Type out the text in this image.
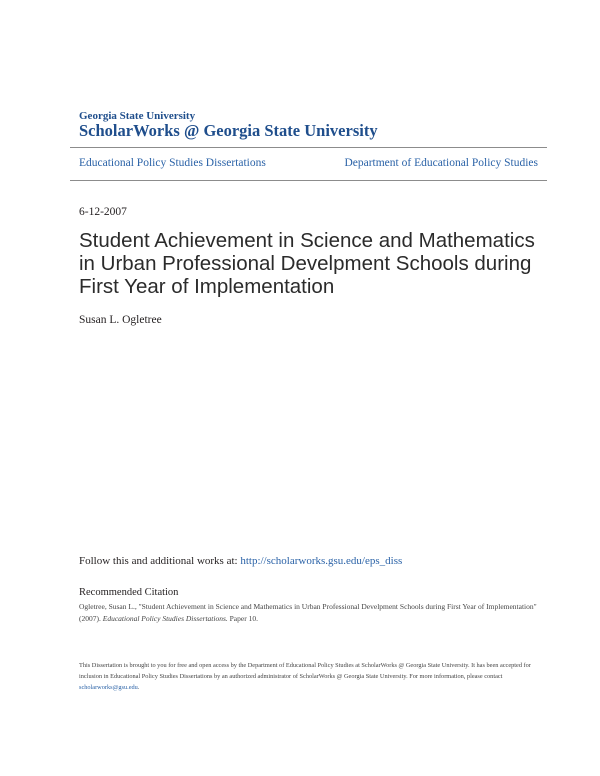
Georgia State University
ScholarWorks @ Georgia State University
Educational Policy Studies Dissertations	Department of Educational Policy Studies
6-12-2007
Student Achievement in Science and Mathematics in Urban Professional Develpment Schools during First Year of Implementation
Susan L. Ogletree
Follow this and additional works at: http://scholarworks.gsu.edu/eps_diss
Recommended Citation
Ogletree, Susan L., "Student Achievement in Science and Mathematics in Urban Professional Develpment Schools during First Year of Implementation" (2007). Educational Policy Studies Dissertations. Paper 10.
This Dissertation is brought to you for free and open access by the Department of Educational Policy Studies at ScholarWorks @ Georgia State University. It has been accepted for inclusion in Educational Policy Studies Dissertations by an authorized administrator of ScholarWorks @ Georgia State University. For more information, please contact scholarworks@gsu.edu.
